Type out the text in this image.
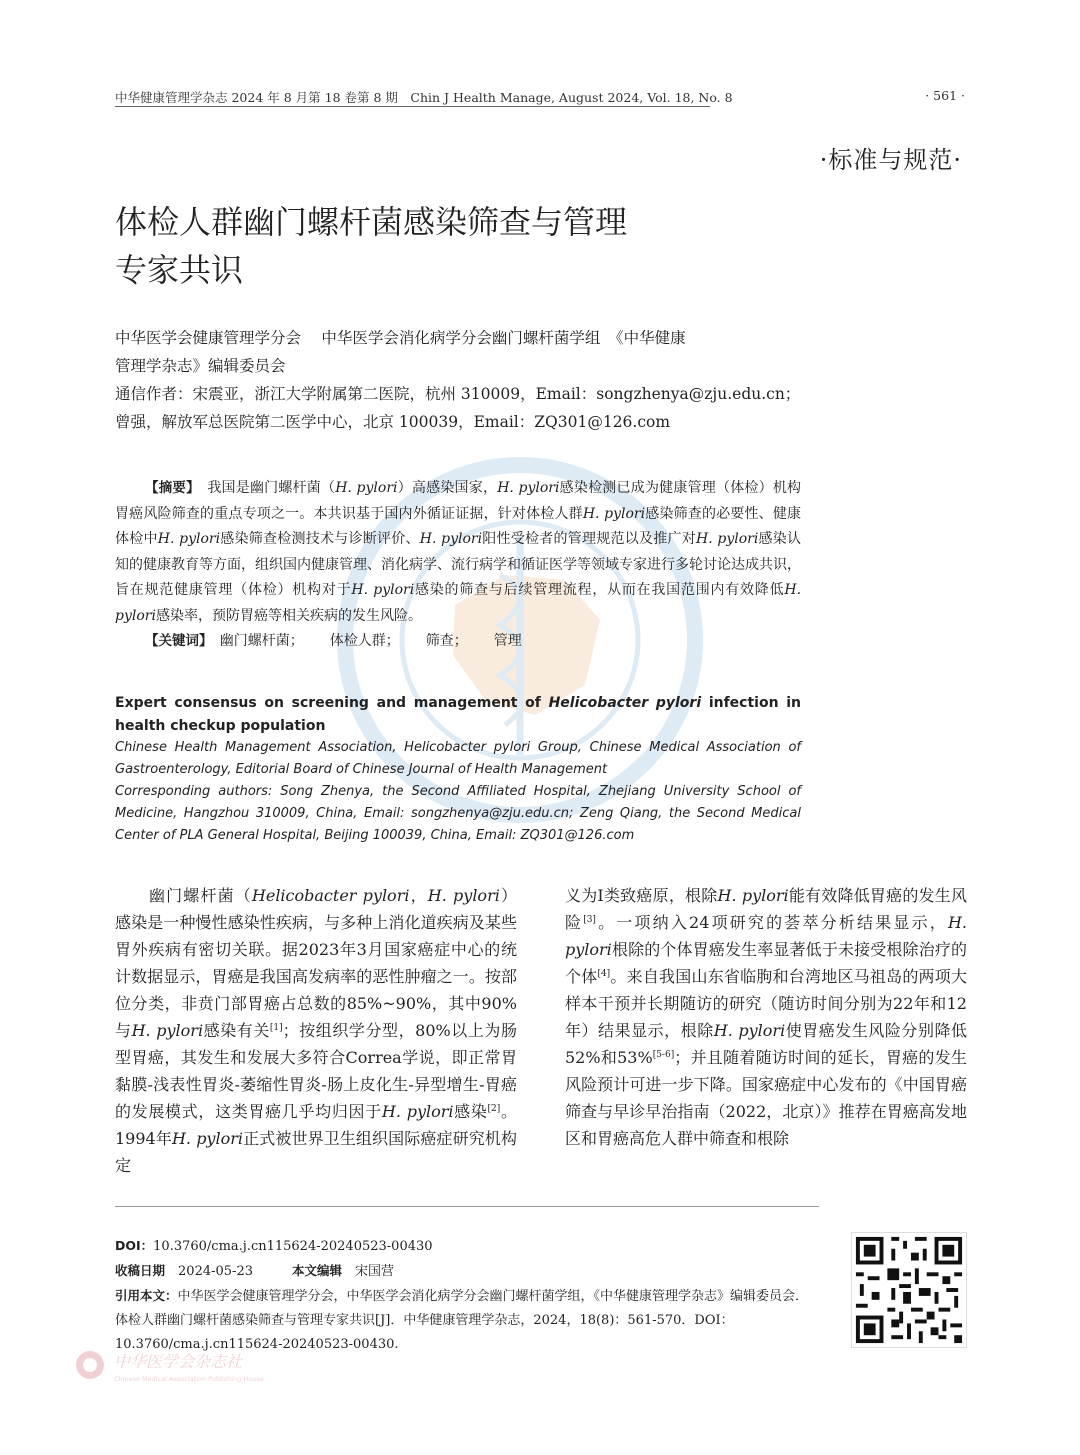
中华健康管理学杂志 2024 年 8 月第 18 卷第 8 期　Chin J Health Manage, August 2024, Vol. 18, No. 8	· 561 ·
·标准与规范·
体检人群幽门螺杆菌感染筛查与管理
专家共识

中华医学会健康管理学分会　 中华医学会消化病学分会幽门螺杆菌学组　《中华健康

管理学杂志》编辑委员会

通信作者：宋震亚，浙江大学附属第二医院，杭州 310009，Email：songzhenya@zju.edu.cn；

曾强，解放军总医院第二医学中心，北京 100039，Email：ZQ301@126.com

【摘要】　 我国是幽门螺杆菌（H. pylori）高感染国家，H. pylori感染检测已成为健康管理（体检）机构胃癌风险筛查的重点专项之一。本共识基于国内外循证证据，针对体检人群H. pylori感染筛查的必要性、健康体检中H. pylori感染筛查检测技术与诊断评价、H. pylori阳性受检者的管理规范以及推广对H. pylori感染认知的健康教育等方面，组织国内健康管理、消化病学、流行病学和循证医学等领域专家进行多轮讨论达成共识，旨在规范健康管理（体检）机构对于H. pylori感染的筛查与后续管理流程，从而在我国范围内有效降低H. pylori感染率，预防胃癌等相关疾病的发生风险。

【关键词】　 幽门螺杆菌； 体检人群； 筛查； 管理

Expert consensus on screening and management of Helicobacter pylori infection in health checkup population

Chinese Health Management Association, Helicobacter pylori Group, Chinese Medical Association of Gastroenterology, Editorial Board of Chinese Journal of Health Management

Corresponding authors: Song Zhenya, the Second Affiliated Hospital, Zhejiang University School of Medicine, Hangzhou 310009, China, Email: songzhenya@zju.edu.cn; Zeng Qiang, the Second Medical Center of PLA General Hospital, Beijing 100039, China, Email: ZQ301@126.com

幽门螺杆菌（Helicobacter pylori，H. pylori）感染是一种慢性感染性疾病，与多种上消化道疾病及某些胃外疾病有密切关联。据2023年3月国家癌症中心的统计数据显示，胃癌是我国高发病率的恶性肿瘤之一。按部位分类，非贲门部胃癌占总数的85%~90%，其中90%与H. pylori感染有关[1]；按组织学分型，80%以上为肠型胃癌，其发生和发展大多符合Correa学说，即正常胃黏膜-浅表性胃炎-萎缩性胃炎-肠上皮化生-异型增生-胃癌的发展模式，这类胃癌几乎均归因于H. pylori感染[2]。1994年H. pylori正式被世界卫生组织国际癌症研究机构定

义为Ⅰ类致癌原，根除H. pylori能有效降低胃癌的发生风险[3]。一项纳入24项研究的荟萃分析结果显示，H. pylori根除的个体胃癌发生率显著低于未接受根除治疗的个体[4]。来自我国山东省临朐和台湾地区马祖岛的两项大样本干预并长期随访的研究（随访时间分别为22年和12年）结果显示，根除H. pylori使胃癌发生风险分别降低52%和53%[5-6]；并且随着随访时间的延长，胃癌的发生风险预计可进一步下降。国家癌症中心发布的《中国胃癌筛查与早诊早治指南（2022，北京）》推荐在胃癌高发地区和胃癌高危人群中筛查和根除

DOI：10.3760/cma.j.cn115624-20240523-00430

收稿日期　 2024-05-23　　　	本文编辑　 宋国营

引用本文：中华医学会健康管理学分会，中华医学会消化病学分会幽门螺杆菌学组，《中华健康管理学杂志》编辑委员会．体检人群幽门螺杆菌感染筛查与管理专家共识[J]．中华健康管理学杂志，2024，18(8)：561-570．DOI：10.3760/cma.j.cn115624-20240523-00430.

中华医学会杂志社
Chinese Medical Association Publishing House
